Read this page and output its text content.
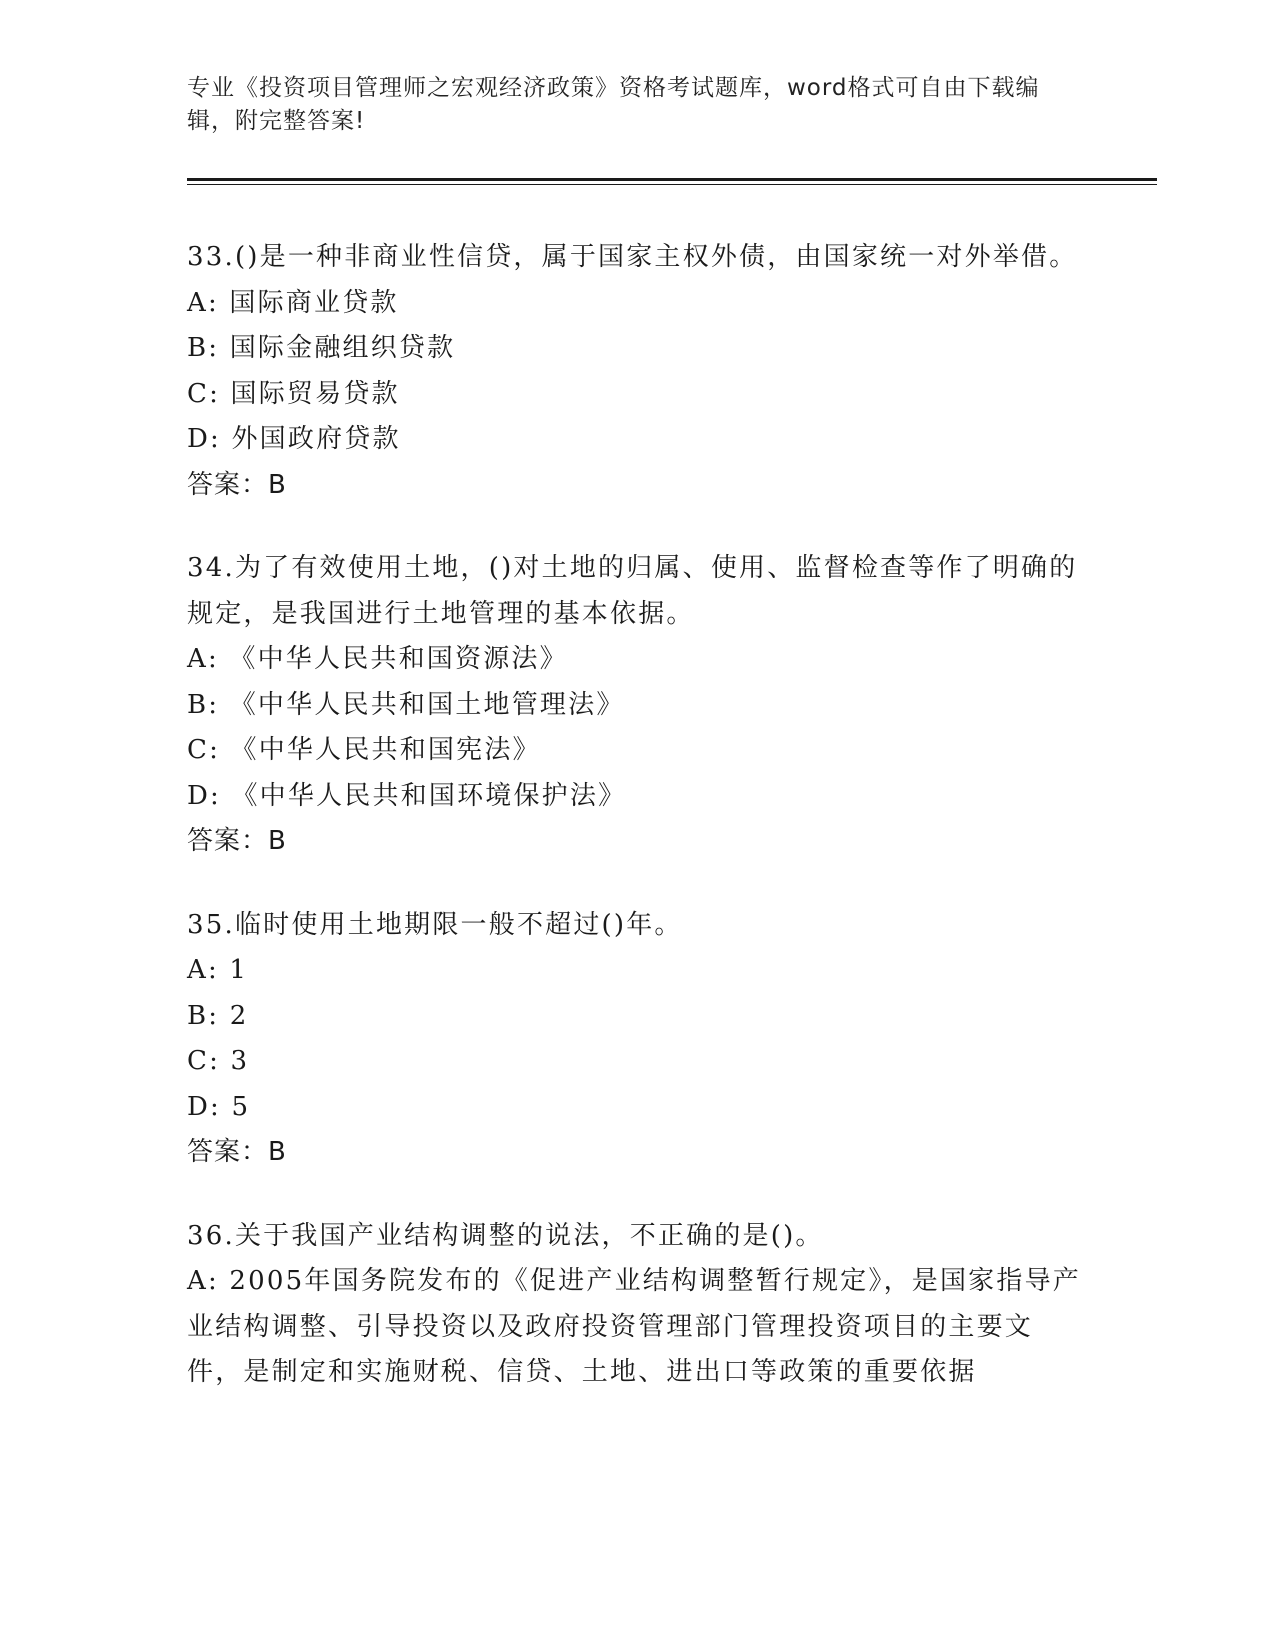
专业《投资项目管理师之宏观经济政策》资格考试题库，word格式可自由下载编辑，附完整答案!
33.()是一种非商业性信贷，属于国家主权外债，由国家统一对外举借。
A: 国际商业贷款
B: 国际金融组织贷款
C: 国际贸易贷款
D: 外国政府贷款
答案：B
34.为了有效使用土地，()对土地的归属、使用、监督检查等作了明确的规定，是我国进行土地管理的基本依据。
A: 《中华人民共和国资源法》
B: 《中华人民共和国土地管理法》
C: 《中华人民共和国宪法》
D: 《中华人民共和国环境保护法》
答案：B
35.临时使用土地期限一般不超过()年。
A: 1
B: 2
C: 3
D: 5
答案：B
36.关于我国产业结构调整的说法，不正确的是()。
A: 2005年国务院发布的《促进产业结构调整暂行规定》，是国家指导产业结构调整、引导投资以及政府投资管理部门管理投资项目的主要文件，是制定和实施财税、信贷、土地、进出口等政策的重要依据
